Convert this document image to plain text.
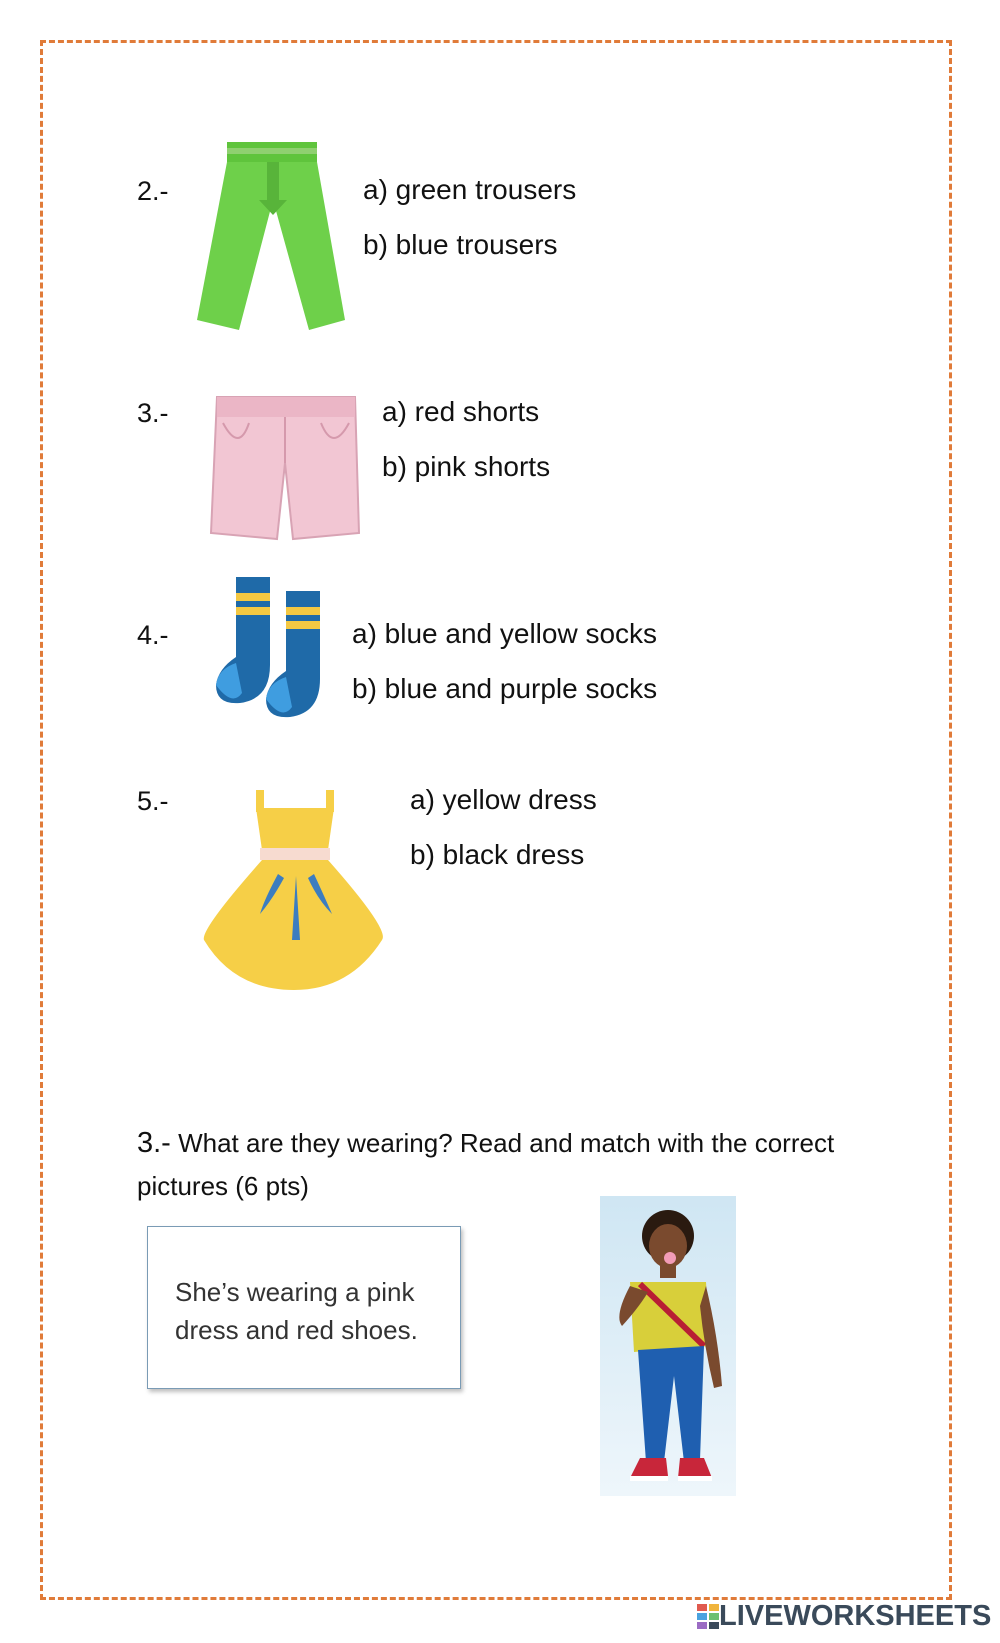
2.-	a) green trousers
b) blue trousers
3.-	a) red shorts
b) pink shorts
4.-	a) blue and yellow socks
b) blue and purple socks
5.-	a) yellow dress
b) black dress
3.- What are they wearing? Read and match with the correct pictures (6 pts)

She’s wearing a pink dress and red shoes.

LIVEWORKSHEETS
